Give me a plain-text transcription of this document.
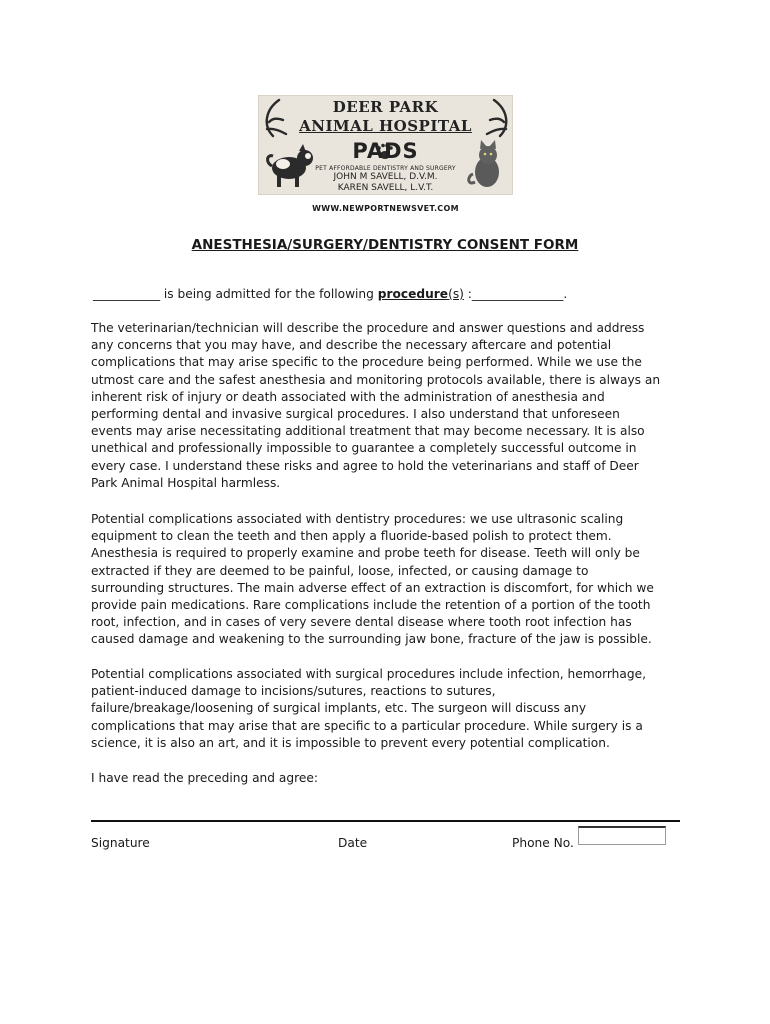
DEER PARK
ANIMAL HOSPITAL
PADS
PET AFFORDABLE DENTISTRY AND SURGERY
JOHN M SAVELL, D.V.M.
KAREN SAVELL, L.V.T.
WWW.NEWPORTNEWSVET.COM
ANESTHESIA/SURGERY/DENTISTRY CONSENT FORM
___________ is being admitted for the following procedure(s) :_______________.
The veterinarian/technician will describe the procedure and answer questions and address
any concerns that you may have, and describe the necessary aftercare and potential
complications that may arise specific to the procedure being performed. While we use the
utmost care and the safest anesthesia and monitoring protocols available, there is always an
inherent risk of injury or death associated with the administration of anesthesia and
performing dental and invasive surgical procedures. I also understand that unforeseen
events may arise necessitating additional treatment that may become necessary. It is also
unethical and professionally impossible to guarantee a completely successful outcome in
every case. I understand these risks and agree to hold the veterinarians and staff of Deer
Park Animal Hospital harmless.
Potential complications associated with dentistry procedures: we use ultrasonic scaling
equipment to clean the teeth and then apply a fluoride-based polish to protect them.
Anesthesia is required to properly examine and probe teeth for disease. Teeth will only be
extracted if they are deemed to be painful, loose, infected, or causing damage to
surrounding structures. The main adverse effect of an extraction is discomfort, for which we
provide pain medications. Rare complications include the retention of a portion of the tooth
root, infection, and in cases of very severe dental disease where tooth root infection has
caused damage and weakening to the surrounding jaw bone, fracture of the jaw is possible.
Potential complications associated with surgical procedures include infection, hemorrhage,
patient-induced damage to incisions/sutures, reactions to sutures,
failure/breakage/loosening of surgical implants, etc. The surgeon will discuss any
complications that may arise that are specific to a particular procedure. While surgery is a
science, it is also an art, and it is impossible to prevent every potential complication.
I have read the preceding and agree:
Signature	Date	Phone No.
